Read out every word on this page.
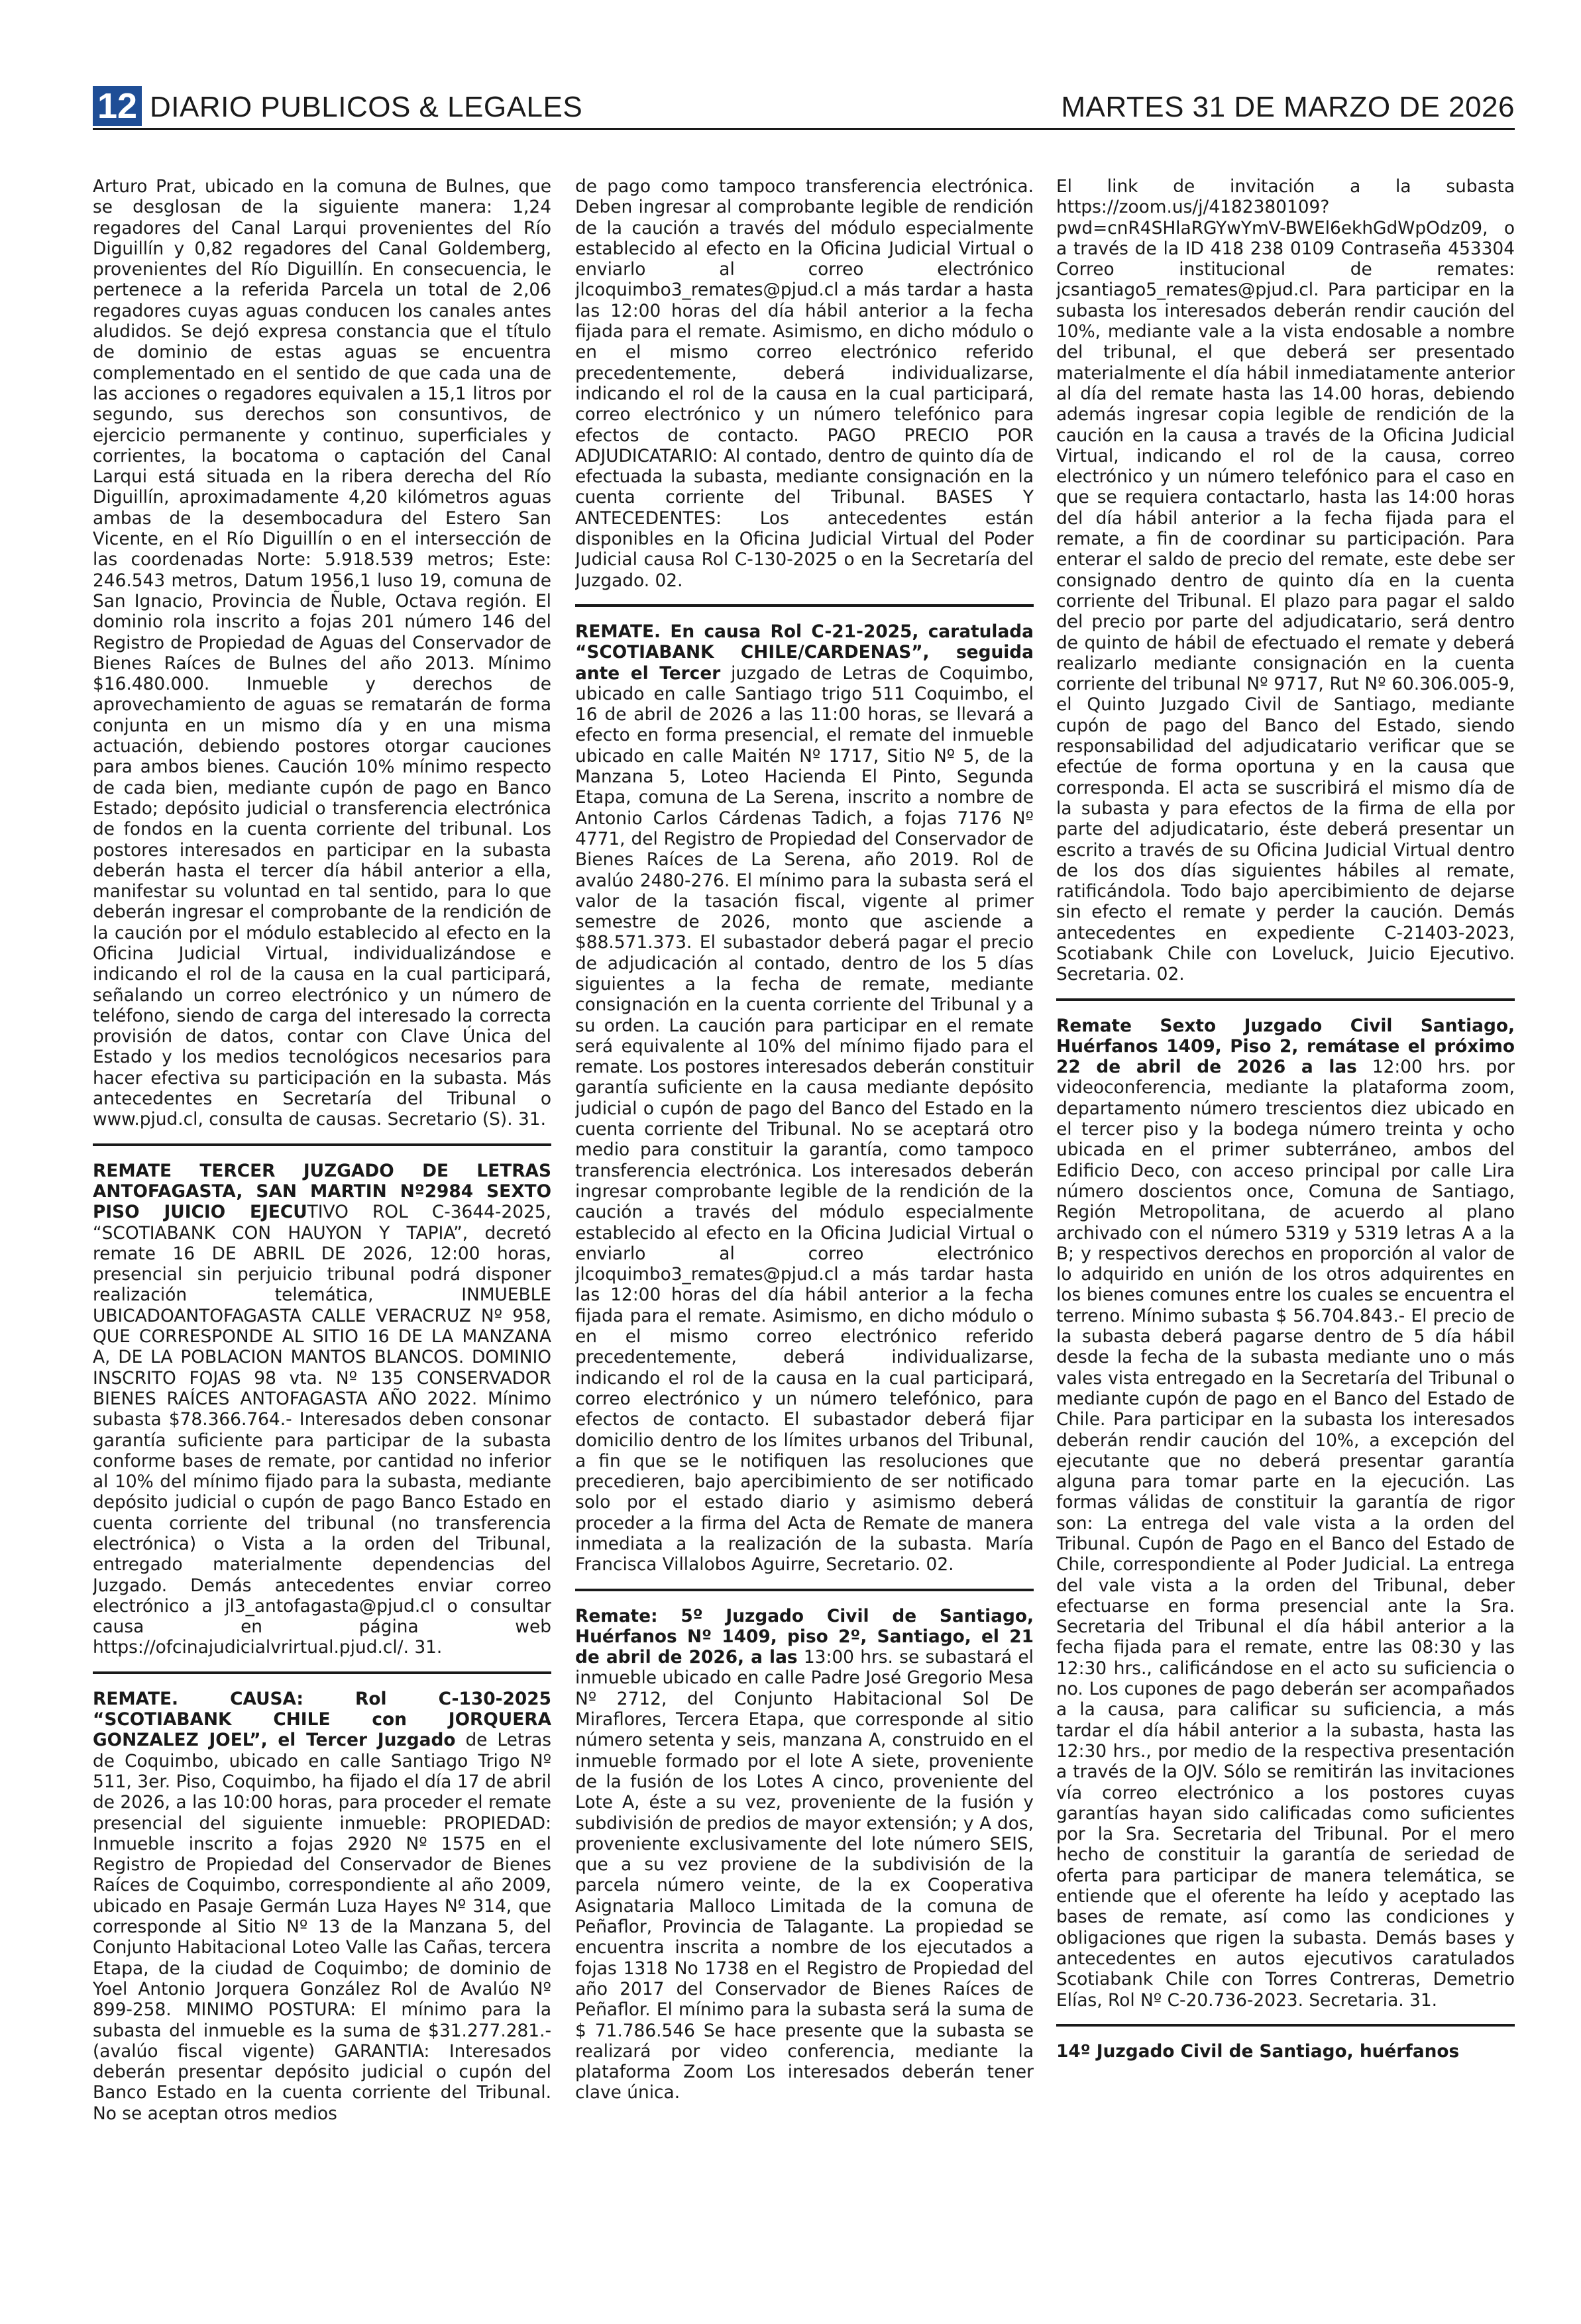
12 DIARIO PUBLICOS & LEGALES	MARTES 31 DE MARZO DE 2026

Arturo Prat, ubicado en la comuna de Bulnes, que se desglosan de la siguiente manera: 1,24 regadores del Canal Larqui provenientes del Río Diguillín y 0,82 regadores del Canal Goldemberg, provenientes del Río Diguillín. En consecuencia, le pertenece a la referida Parcela un total de 2,06 regadores cuyas aguas conducen los canales antes aludidos. Se dejó expresa constancia que el título de dominio de estas aguas se encuentra complementado en el sentido de que cada una de las acciones o regadores equivalen a 15,1 litros por segundo, sus derechos son consuntivos, de ejercicio permanente y continuo, superficiales y corrientes, la bocatoma o captación del Canal Larqui está situada en la ribera derecha del Río Diguillín, aproximadamente 4,20 kilómetros aguas ambas de la desembocadura del Estero San Vicente, en el Río Diguillín o en el intersección de las coordenadas Norte: 5.918.539 metros; Este: 246.543 metros, Datum 1956,1 luso 19, comuna de San Ignacio, Provincia de Ñuble, Octava región. El dominio rola inscrito a fojas 201 número 146 del Registro de Propiedad de Aguas del Conservador de Bienes Raíces de Bulnes del año 2013. Mínimo $16.480.000. Inmueble y derechos de aprovechamiento de aguas se rematarán de forma conjunta en un mismo día y en una misma actuación, debiendo postores otorgar cauciones para ambos bienes. Caución 10% mínimo respecto de cada bien, mediante cupón de pago en Banco Estado; depósito judicial o transferencia electrónica de fondos en la cuenta corriente del tribunal. Los postores interesados en participar en la subasta deberán hasta el tercer día hábil anterior a ella, manifestar su voluntad en tal sentido, para lo que deberán ingresar el comprobante de la rendición de la caución por el módulo establecido al efecto en la Oficina Judicial Virtual, individualizándose e indicando el rol de la causa en la cual participará, señalando un correo electrónico y un número de teléfono, siendo de carga del interesado la correcta provisión de datos, contar con Clave Única del Estado y los medios tecnológicos necesarios para hacer efectiva su participación en la subasta. Más antecedentes en Secretaría del Tribunal o www.pjud.cl, consulta de causas. Secretario (S). 31.

REMATE TERCER JUZGADO DE LETRAS ANTOFAGASTA, SAN MARTIN Nº2984 SEXTO PISO JUICIO EJECUTIVO ROL C-3644-2025, “SCOTIABANK CON HAUYON Y TAPIA”, decretó remate 16 DE ABRIL DE 2026, 12:00 horas, presencial sin perjuicio tribunal podrá disponer realización telemática, INMUEBLE UBICADOANTOFAGASTA CALLE VERACRUZ Nº 958, QUE CORRESPONDE AL SITIO 16 DE LA MANZANA A, DE LA POBLACION MANTOS BLANCOS. DOMINIO INSCRITO FOJAS 98 vta. Nº 135 CONSERVADOR BIENES RAÍCES ANTOFAGASTA AÑO 2022. Mínimo subasta $78.366.764.- Interesados deben consonar garantía suficiente para participar de la subasta conforme bases de remate, por cantidad no inferior al 10% del mínimo fijado para la subasta, mediante depósito judicial o cupón de pago Banco Estado en cuenta corriente del tribunal (no transferencia electrónica) o Vista a la orden del Tribunal, entregado materialmente dependencias del Juzgado. Demás antecedentes enviar correo electrónico a jl3_antofagasta@pjud.cl o consultar causa en página web https://ofcinajudicialvrirtual.pjud.cl/. 31.

REMATE. CAUSA: Rol C-130-2025 “SCOTIABANK CHILE con JORQUERA GONZALEZ JOEL”, el Tercer Juzgado de Letras de Coquimbo, ubicado en calle Santiago Trigo Nº 511, 3er. Piso, Coquimbo, ha fijado el día 17 de abril de 2026, a las 10:00 horas, para proceder el remate presencial del siguiente inmueble: PROPIEDAD: Inmueble inscrito a fojas 2920 Nº 1575 en el Registro de Propiedad del Conservador de Bienes Raíces de Coquimbo, correspondiente al año 2009, ubicado en Pasaje Germán Luza Hayes Nº 314, que corresponde al Sitio Nº 13 de la Manzana 5, del Conjunto Habitacional Loteo Valle las Cañas, tercera Etapa, de la ciudad de Coquimbo; de dominio de Yoel Antonio Jorquera González Rol de Avalúo Nº 899-258. MINIMO POSTURA: El mínimo para la subasta del inmueble es la suma de $31.277.281.- (avalúo fiscal vigente) GARANTIA: Interesados deberán presentar depósito judicial o cupón del Banco Estado en la cuenta corriente del Tribunal. No se aceptan otros medios

de pago como tampoco transferencia electrónica. Deben ingresar al comprobante legible de rendición de la caución a través del módulo especialmente establecido al efecto en la Oficina Judicial Virtual o enviarlo al correo electrónico jlcoquimbo3_remates@pjud.cl a más tardar a hasta las 12:00 horas del día hábil anterior a la fecha fijada para el remate. Asimismo, en dicho módulo o en el mismo correo electrónico referido precedentemente, deberá individualizarse, indicando el rol de la causa en la cual participará, correo electrónico y un número telefónico para efectos de contacto. PAGO PRECIO POR ADJUDICATARIO: Al contado, dentro de quinto día de efectuada la subasta, mediante consignación en la cuenta corriente del Tribunal. BASES Y ANTECEDENTES: Los antecedentes están disponibles en la Oficina Judicial Virtual del Poder Judicial causa Rol C-130-2025 o en la Secretaría del Juzgado. 02.

REMATE. En causa Rol C-21-2025, caratulada “SCOTIABANK CHILE/CARDENAS”, seguida ante el Tercer juzgado de Letras de Coquimbo, ubicado en calle Santiago trigo 511 Coquimbo, el 16 de abril de 2026 a las 11:00 horas, se llevará a efecto en forma presencial, el remate del inmueble ubicado en calle Maitén Nº 1717, Sitio Nº 5, de la Manzana 5, Loteo Hacienda El Pinto, Segunda Etapa, comuna de La Serena, inscrito a nombre de Antonio Carlos Cárdenas Tadich, a fojas 7176 Nº 4771, del Registro de Propiedad del Conservador de Bienes Raíces de La Serena, año 2019. Rol de avalúo 2480-276. El mínimo para la subasta será el valor de la tasación fiscal, vigente al primer semestre de 2026, monto que asciende a $88.571.373. El subastador deberá pagar el precio de adjudicación al contado, dentro de los 5 días siguientes a la fecha de remate, mediante consignación en la cuenta corriente del Tribunal y a su orden. La caución para participar en el remate será equivalente al 10% del mínimo fijado para el remate. Los postores interesados deberán constituir garantía suficiente en la causa mediante depósito judicial o cupón de pago del Banco del Estado en la cuenta corriente del Tribunal. No se aceptará otro medio para constituir la garantía, como tampoco transferencia electrónica. Los interesados deberán ingresar comprobante legible de la rendición de la caución a través del módulo especialmente establecido al efecto en la Oficina Judicial Virtual o enviarlo al correo electrónico jlcoquimbo3_remates@pjud.cl a más tardar hasta las 12:00 horas del día hábil anterior a la fecha fijada para el remate. Asimismo, en dicho módulo o en el mismo correo electrónico referido precedentemente, deberá individualizarse, indicando el rol de la causa en la cual participará, correo electrónico y un número telefónico, para efectos de contacto. El subastador deberá fijar domicilio dentro de los límites urbanos del Tribunal, a fin que se le notifiquen las resoluciones que precedieren, bajo apercibimiento de ser notificado solo por el estado diario y asimismo deberá proceder a la firma del Acta de Remate de manera inmediata a la realización de la subasta. María Francisca Villalobos Aguirre, Secretario. 02.

Remate: 5º Juzgado Civil de Santiago, Huérfanos Nº 1409, piso 2º, Santiago, el 21 de abril de 2026, a las 13:00 hrs. se subastará el inmueble ubicado en calle Padre José Gregorio Mesa Nº 2712, del Conjunto Habitacional Sol De Miraflores, Tercera Etapa, que corresponde al sitio número setenta y seis, manzana A, construido en el inmueble formado por el lote A siete, proveniente de la fusión de los Lotes A cinco, proveniente del Lote A, éste a su vez, proveniente de la fusión y subdivisión de predios de mayor extensión; y A dos, proveniente exclusivamente del lote número SEIS, que a su vez proviene de la subdivisión de la parcela número veinte, de la ex Cooperativa Asignataria Malloco Limitada de la comuna de Peñaflor, Provincia de Talagante. La propiedad se encuentra inscrita a nombre de los ejecutados a fojas 1318 No 1738 en el Registro de Propiedad del año 2017 del Conservador de Bienes Raíces de Peñaflor. El mínimo para la subasta será la suma de $ 71.786.546 Se hace presente que la subasta se realizará por video conferencia, mediante la plataforma Zoom Los interesados deberán tener clave única.

El link de invitación a la subasta https://zoom.us/j/4182380109?pwd=cnR4SHlaRGYwYmV-BWEl6ekhGdWpOdz09, o a través de la ID 418 238 0109 Contraseña 453304 Correo institucional de remates: jcsantiago5_remates@pjud.cl. Para participar en la subasta los interesados deberán rendir caución del 10%, mediante vale a la vista endosable a nombre del tribunal, el que deberá ser presentado materialmente el día hábil inmediatamente anterior al día del remate hasta las 14.00 horas, debiendo además ingresar copia legible de rendición de la caución en la causa a través de la Oficina Judicial Virtual, indicando el rol de la causa, correo electrónico y un número telefónico para el caso en que se requiera contactarlo, hasta las 14:00 horas del día hábil anterior a la fecha fijada para el remate, a fin de coordinar su participación. Para enterar el saldo de precio del remate, este debe ser consignado dentro de quinto día en la cuenta corriente del Tribunal. El plazo para pagar el saldo del precio por parte del adjudicatario, será dentro de quinto de hábil de efectuado el remate y deberá realizarlo mediante consignación en la cuenta corriente del tribunal Nº 9717, Rut Nº 60.306.005-9, el Quinto Juzgado Civil de Santiago, mediante cupón de pago del Banco del Estado, siendo responsabilidad del adjudicatario verificar que se efectúe de forma oportuna y en la causa que corresponda. El acta se suscribirá el mismo día de la subasta y para efectos de la firma de ella por parte del adjudicatario, éste deberá presentar un escrito a través de su Oficina Judicial Virtual dentro de los dos días siguientes hábiles al remate, ratificándola. Todo bajo apercibimiento de dejarse sin efecto el remate y perder la caución. Demás antecedentes en expediente C-21403-2023, Scotiabank Chile con Loveluck, Juicio Ejecutivo. Secretaria. 02.

Remate Sexto Juzgado Civil Santiago, Huérfanos 1409, Piso 2, remátase el próximo 22 de abril de 2026 a las 12:00 hrs. por videoconferencia, mediante la plataforma zoom, departamento número trescientos diez ubicado en el tercer piso y la bodega número treinta y ocho ubicada en el primer subterráneo, ambos del Edificio Deco, con acceso principal por calle Lira número doscientos once, Comuna de Santiago, Región Metropolitana, de acuerdo al plano archivado con el número 5319 y 5319 letras A a la B; y respectivos derechos en proporción al valor de lo adquirido en unión de los otros adquirentes en los bienes comunes entre los cuales se encuentra el terreno. Mínimo subasta $ 56.704.843.- El precio de la subasta deberá pagarse dentro de 5 día hábil desde la fecha de la subasta mediante uno o más vales vista entregado en la Secretaría del Tribunal o mediante cupón de pago en el Banco del Estado de Chile. Para participar en la subasta los interesados deberán rendir caución del 10%, a excepción del ejecutante que no deberá presentar garantía alguna para tomar parte en la ejecución. Las formas válidas de constituir la garantía de rigor son: La entrega del vale vista a la orden del Tribunal. Cupón de Pago en el Banco del Estado de Chile, correspondiente al Poder Judicial. La entrega del vale vista a la orden del Tribunal, deber efectuarse en forma presencial ante la Sra. Secretaria del Tribunal el día hábil anterior a la fecha fijada para el remate, entre las 08:30 y las 12:30 hrs., calificándose en el acto su suficiencia o no. Los cupones de pago deberán ser acompañados a la causa, para calificar su suficiencia, a más tardar el día hábil anterior a la subasta, hasta las 12:30 hrs., por medio de la respectiva presentación a través de la OJV. Sólo se remitirán las invitaciones vía correo electrónico a los postores cuyas garantías hayan sido calificadas como suficientes por la Sra. Secretaria del Tribunal. Por el mero hecho de constituir la garantía de seriedad de oferta para participar de manera telemática, se entiende que el oferente ha leído y aceptado las bases de remate, así como las condiciones y obligaciones que rigen la subasta. Demás bases y antecedentes en autos ejecutivos caratulados Scotiabank Chile con Torres Contreras, Demetrio Elías, Rol Nº C-20.736-2023. Secretaria. 31.

14º Juzgado Civil de Santiago, huérfanos
